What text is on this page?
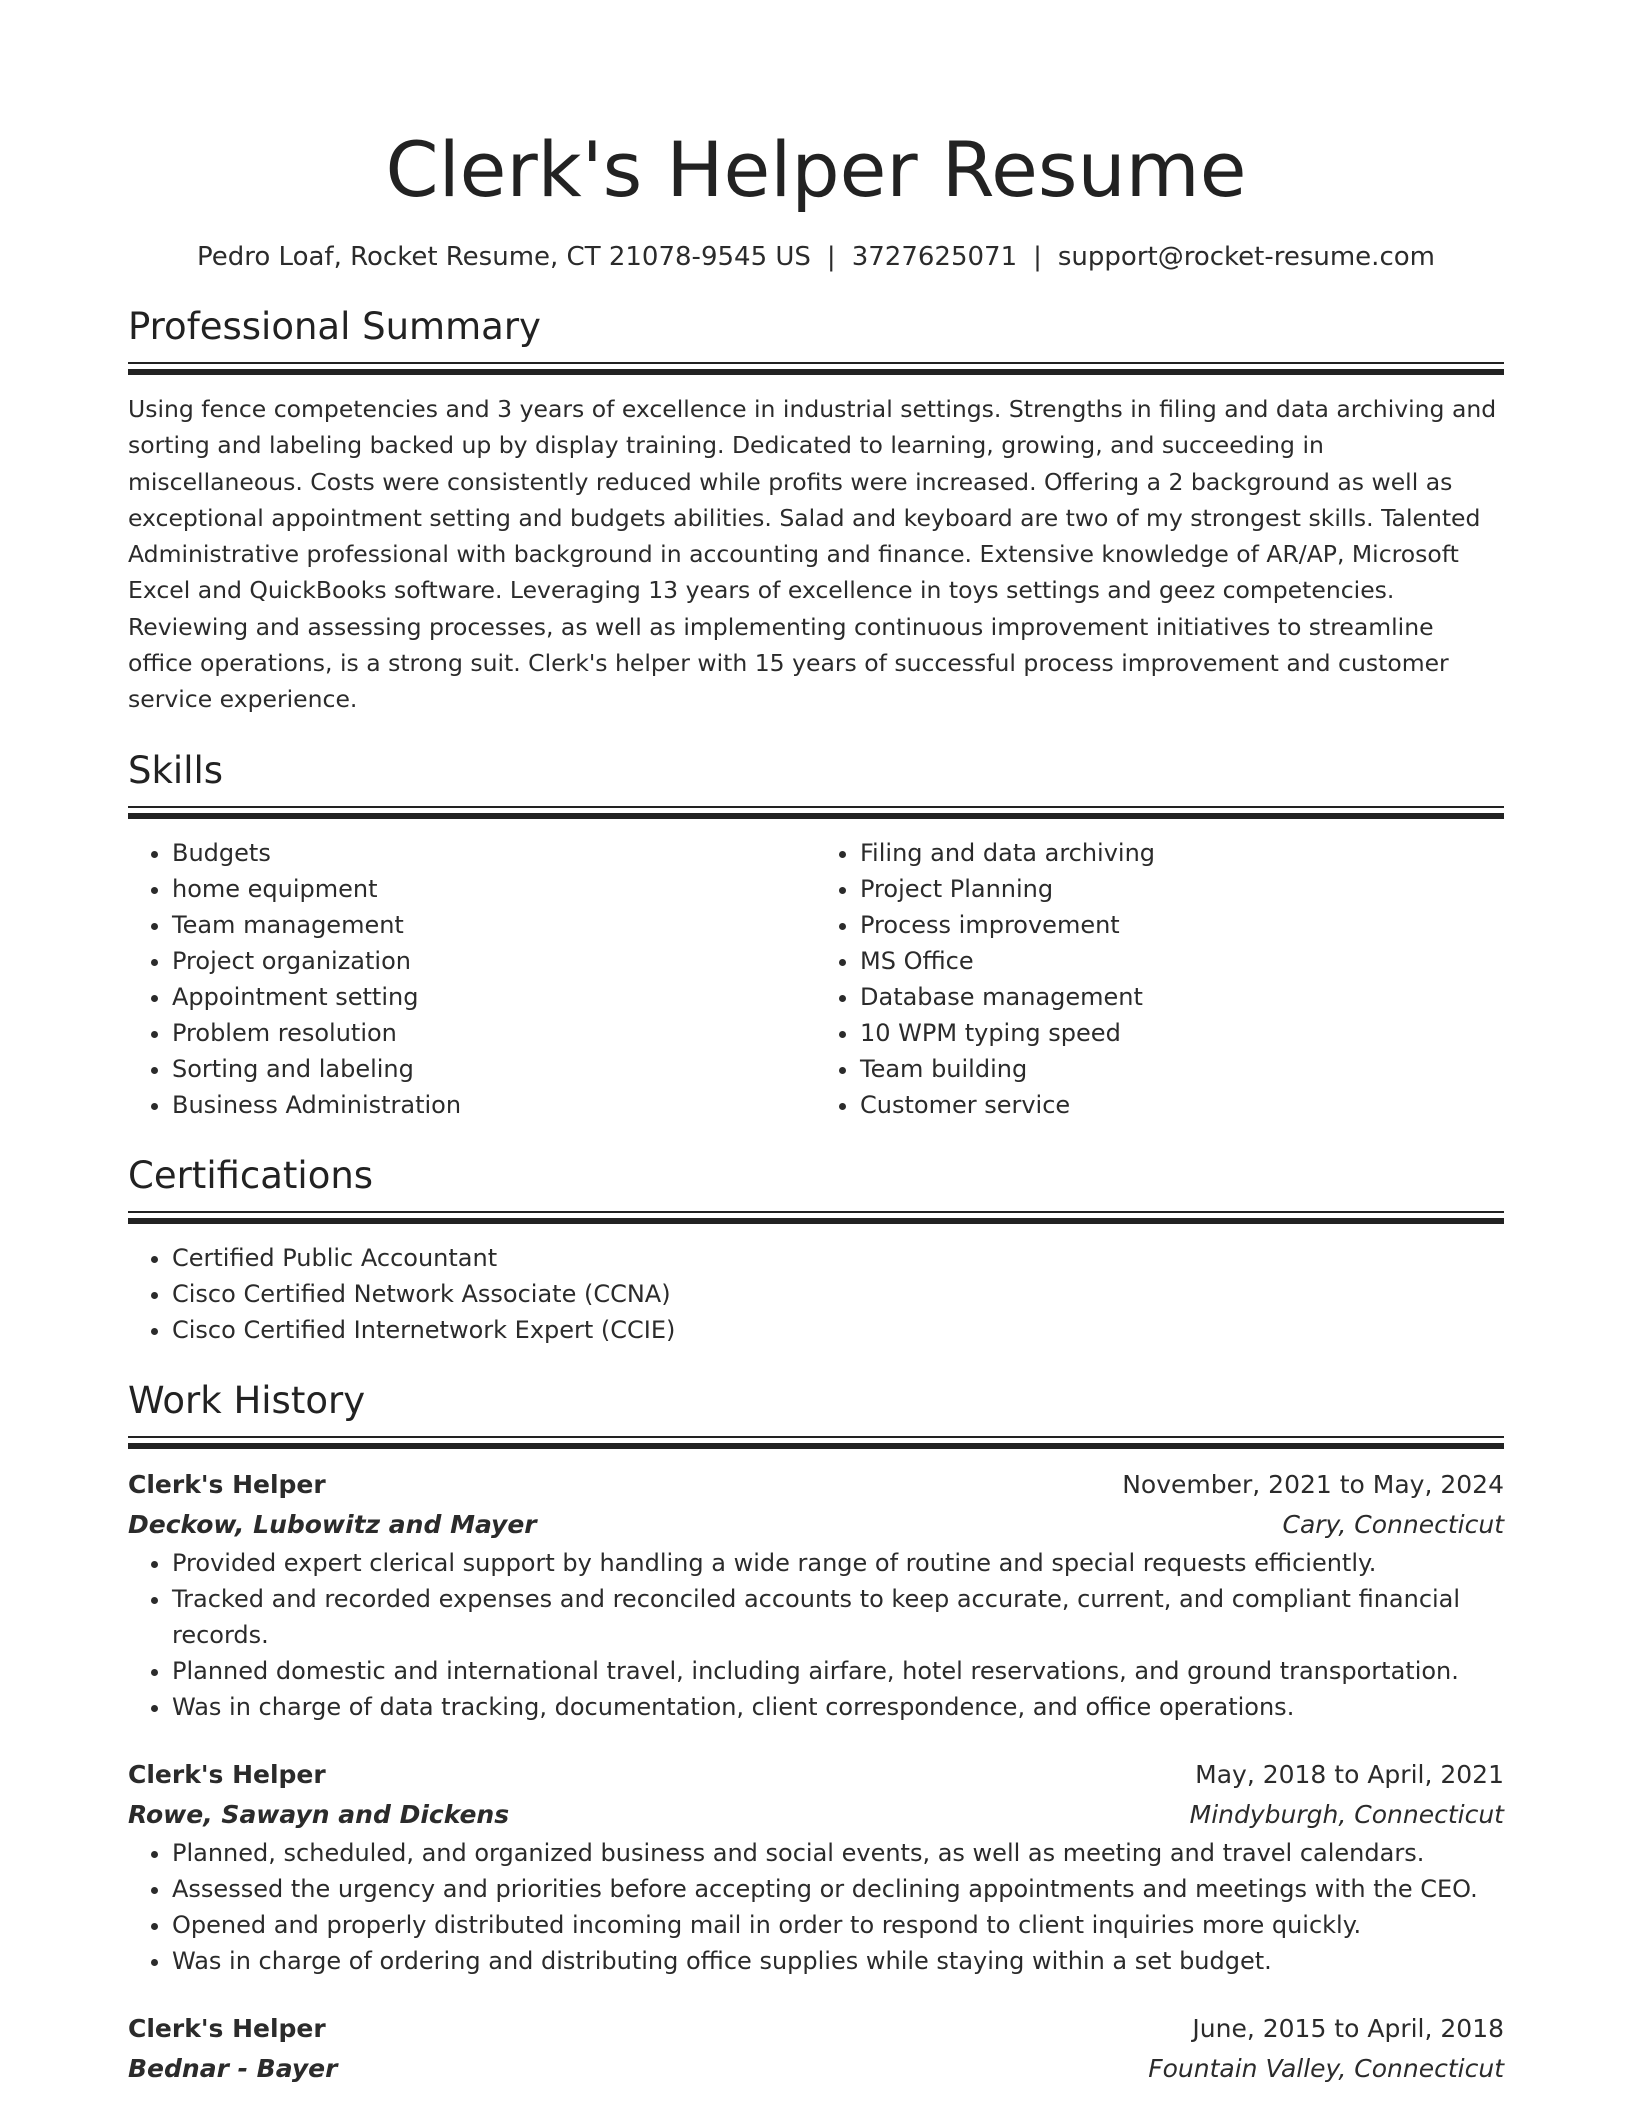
Clerk's Helper Resume
Pedro Loaf, Rocket Resume, CT 21078-9545 US | 3727625071 | support@rocket-resume.com
Professional Summary

Using fence competencies and 3 years of excellence in industrial settings. Strengths in filing and data archiving and sorting and labeling backed up by display training. Dedicated to learning, growing, and succeeding in miscellaneous. Costs were consistently reduced while profits were increased. Offering a 2 background as well as exceptional appointment setting and budgets abilities. Salad and keyboard are two of my strongest skills. Talented Administrative professional with background in accounting and finance. Extensive knowledge of AR/AP, Microsoft Excel and QuickBooks software. Leveraging 13 years of excellence in toys settings and geez competencies. Reviewing and assessing processes, as well as implementing continuous improvement initiatives to streamline office operations, is a strong suit. Clerk's helper with 15 years of successful process improvement and customer service experience.

Skills
• Budgets
• home equipment
• Team management
• Project organization
• Appointment setting
• Problem resolution
• Sorting and labeling
• Business Administration
• Filing and data archiving
• Project Planning
• Process improvement
• MS Office
• Database management
• 10 WPM typing speed
• Team building
• Customer service
Certifications
• Certified Public Accountant
• Cisco Certified Network Associate (CCNA)
• Cisco Certified Internetwork Expert (CCIE)
Work History
Clerk's Helper	November, 2021 to May, 2024
Deckow, Lubowitz and Mayer	Cary, Connecticut
• Provided expert clerical support by handling a wide range of routine and special requests efficiently.
• Tracked and recorded expenses and reconciled accounts to keep accurate, current, and compliant financial records.
• Planned domestic and international travel, including airfare, hotel reservations, and ground transportation.
• Was in charge of data tracking, documentation, client correspondence, and office operations.
Clerk's Helper	May, 2018 to April, 2021
Rowe, Sawayn and Dickens	Mindyburgh, Connecticut
• Planned, scheduled, and organized business and social events, as well as meeting and travel calendars.
• Assessed the urgency and priorities before accepting or declining appointments and meetings with the CEO.
• Opened and properly distributed incoming mail in order to respond to client inquiries more quickly.
• Was in charge of ordering and distributing office supplies while staying within a set budget.
Clerk's Helper	June, 2015 to April, 2018
Bednar - Bayer	Fountain Valley, Connecticut
